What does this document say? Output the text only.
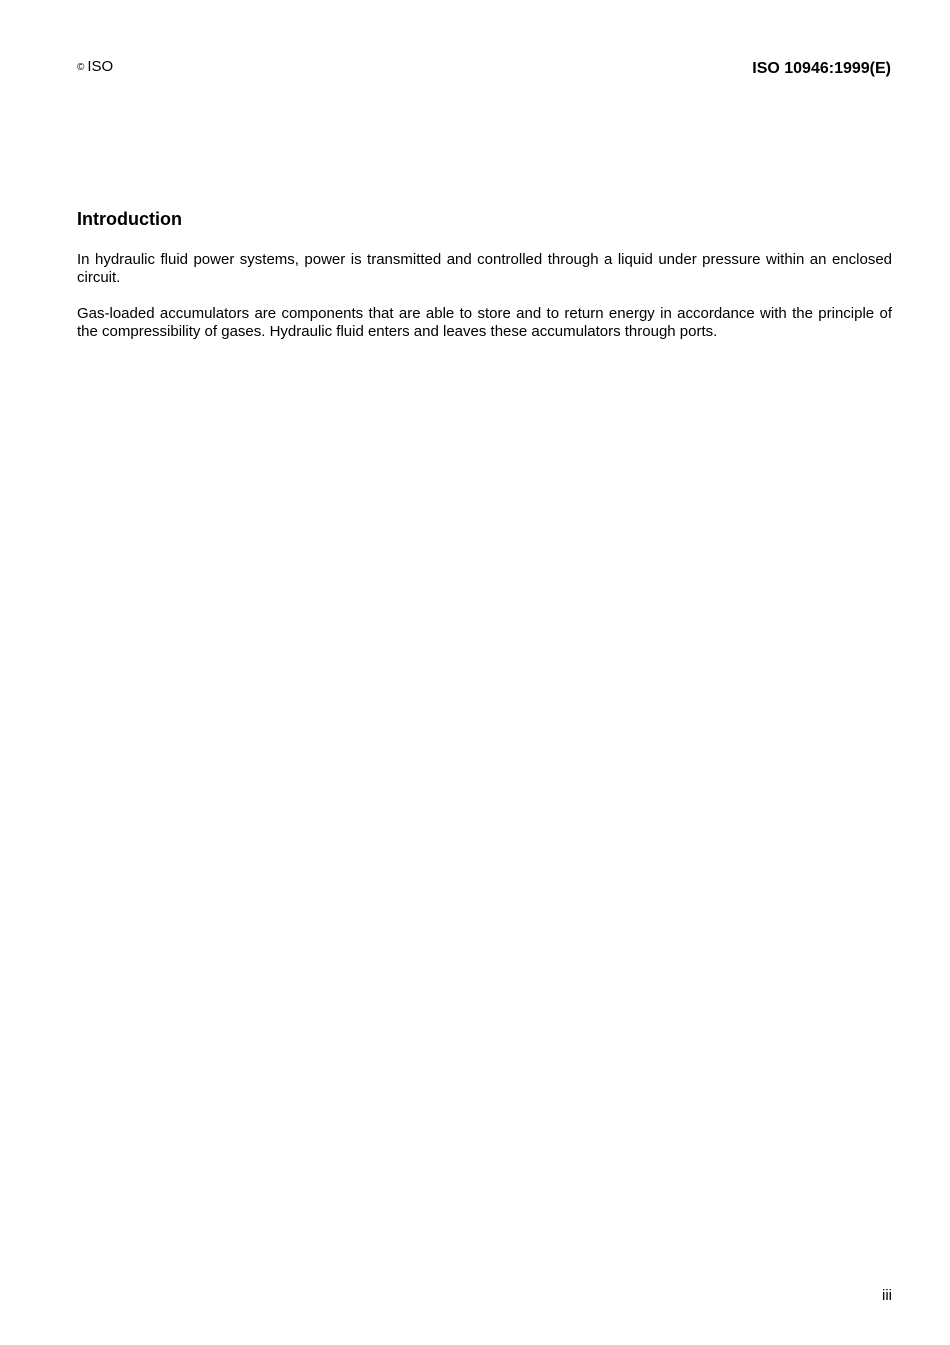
© ISO	ISO 10946:1999(E)
Introduction

In hydraulic fluid power systems, power is transmitted and controlled through a liquid under pressure within an enclosed circuit.

Gas-loaded accumulators are components that are able to store and to return energy in accordance with the principle of the compressibility of gases. Hydraulic fluid enters and leaves these accumulators through ports.

iii
